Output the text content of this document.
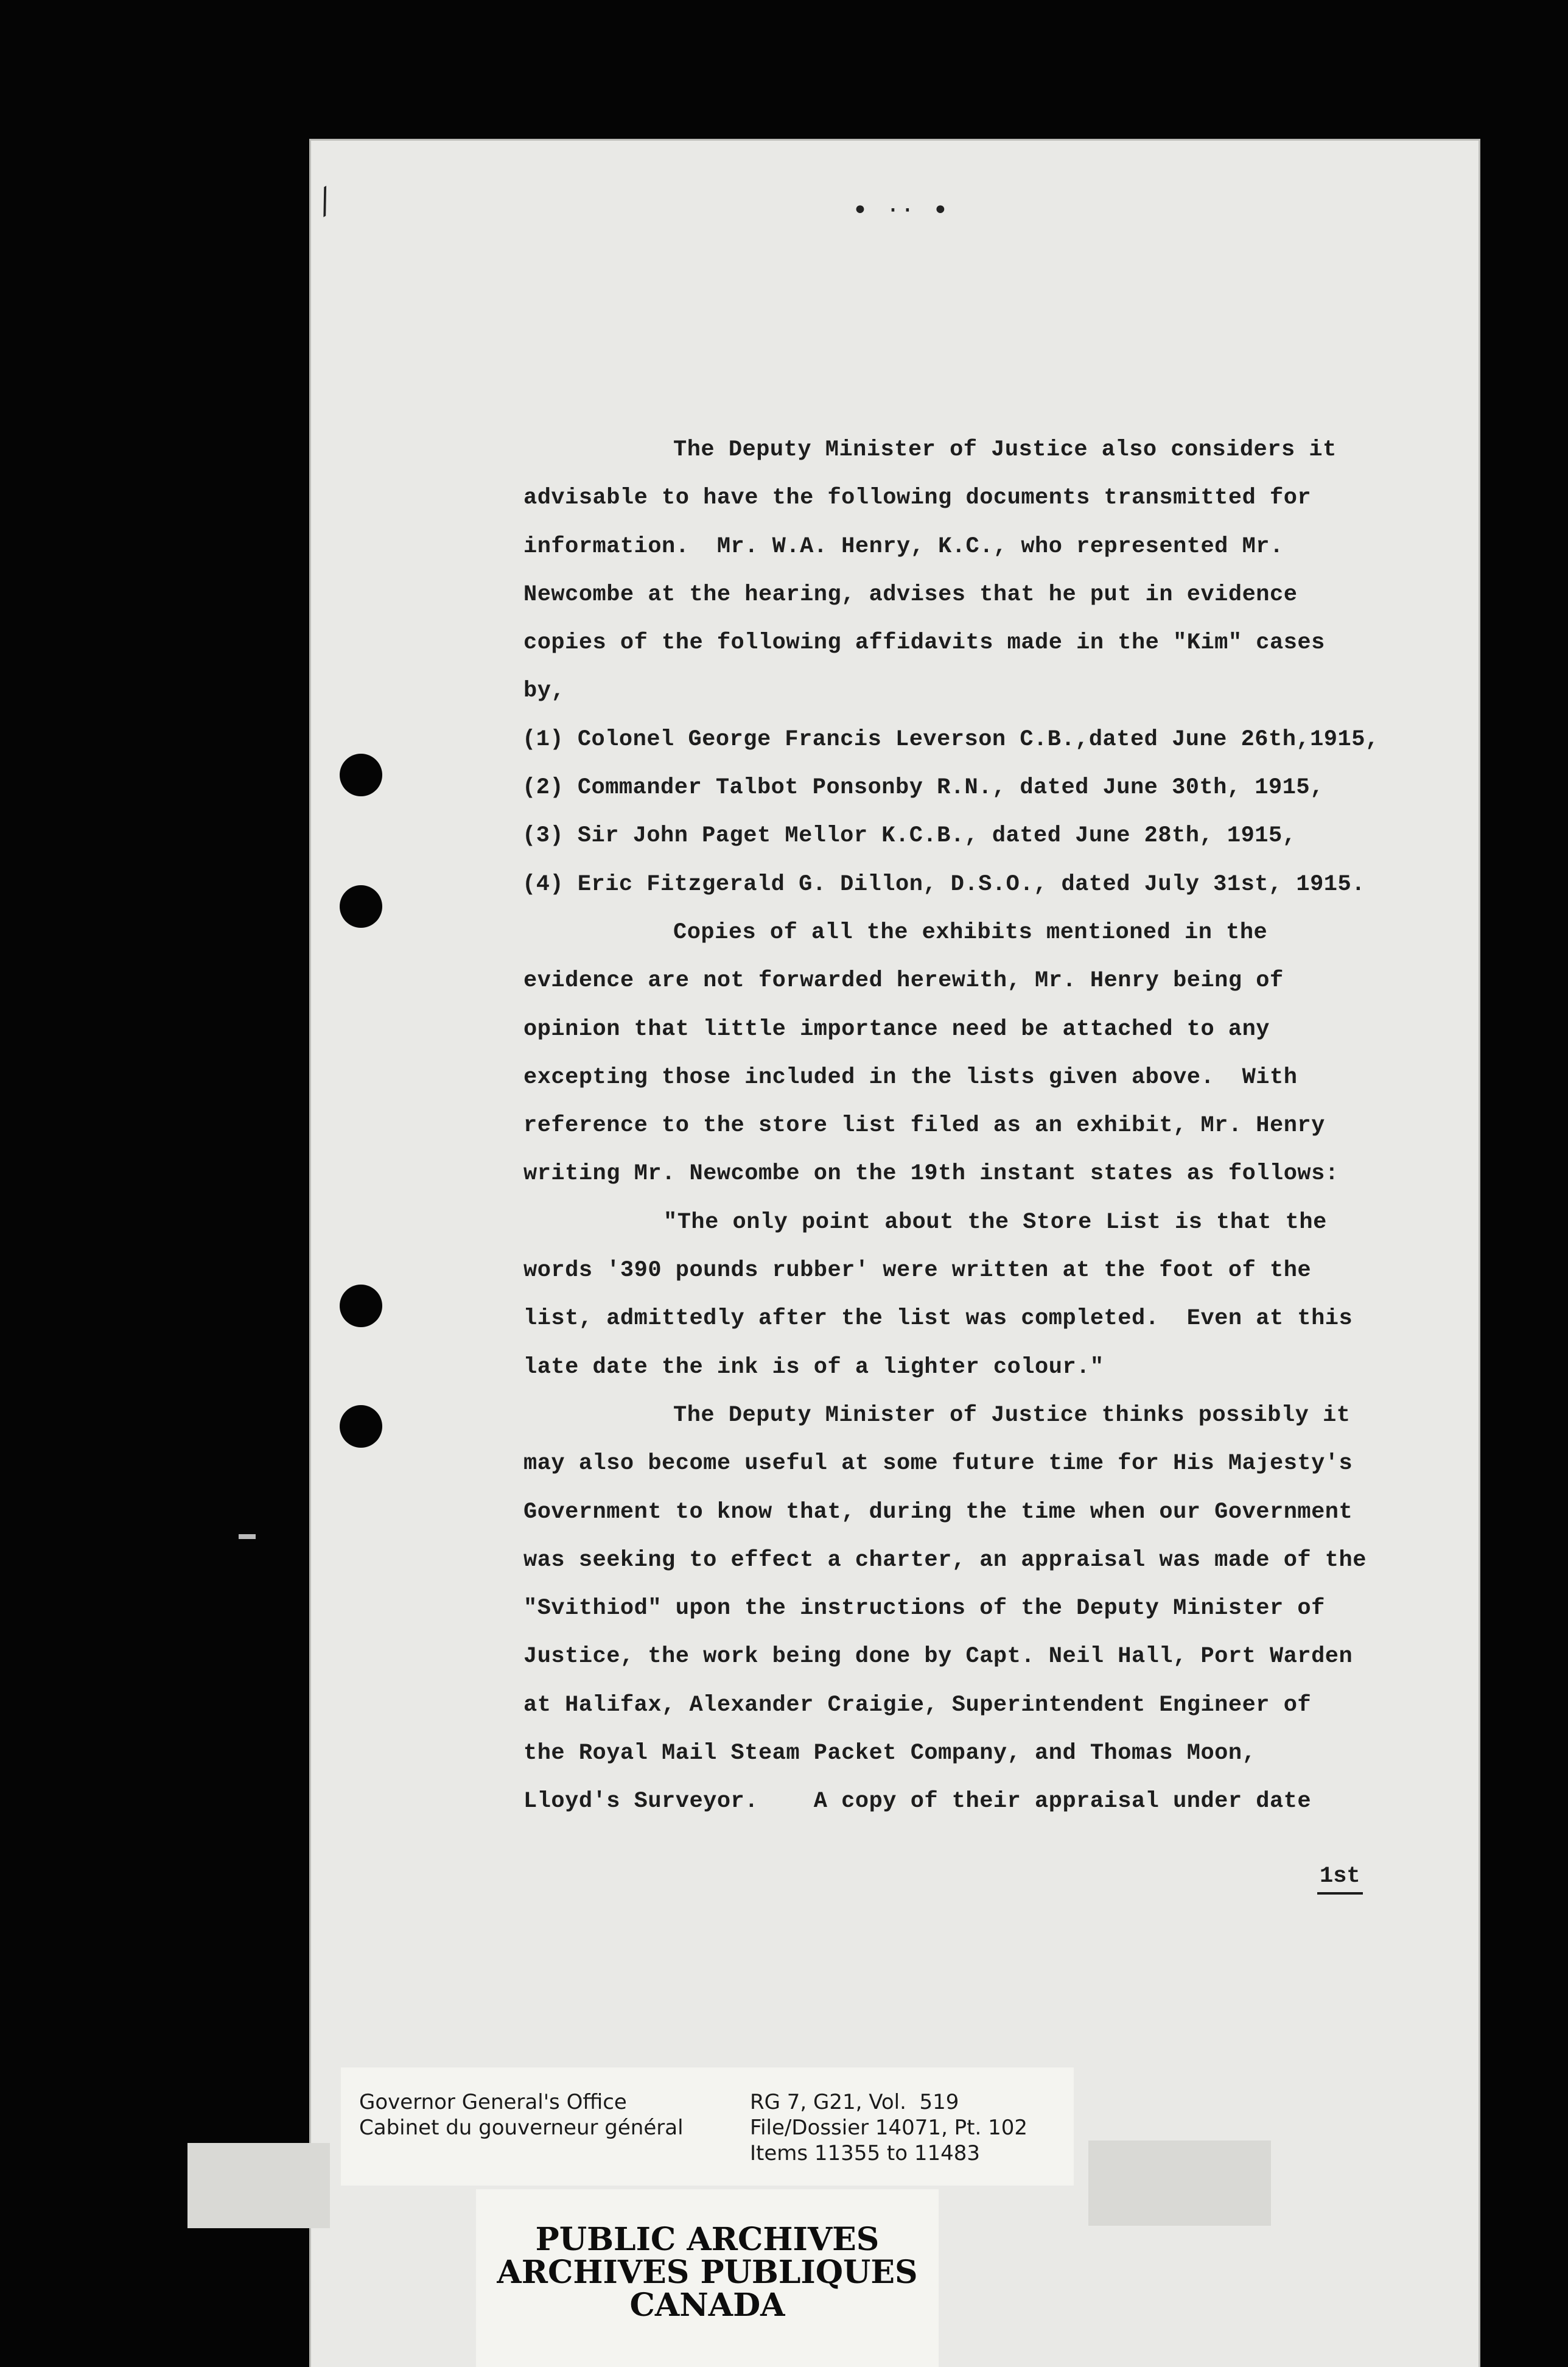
⁄	• ·· •
The Deputy Minister of Justice also considers it
advisable to have the following documents transmitted for
information.  Mr. W.A. Henry, K.C., who represented Mr.
Newcombe at the hearing, advises that he put in evidence
copies of the following affidavits made in the "Kim" cases
by,
(1) Colonel George Francis Leverson C.B.,dated June 26th,1915,
(2) Commander Talbot Ponsonby R.N., dated June 30th, 1915,
(3) Sir John Paget Mellor K.C.B., dated June 28th, 1915,
(4) Eric Fitzgerald G. Dillon, D.S.O., dated July 31st, 1915.
Copies of all the exhibits mentioned in the
evidence are not forwarded herewith, Mr. Henry being of
opinion that little importance need be attached to any
excepting those included in the lists given above.  With
reference to the store list filed as an exhibit, Mr. Henry
writing Mr. Newcombe on the 19th instant states as follows:
"The only point about the Store List is that the
words '390 pounds rubber' were written at the foot of the
list, admittedly after the list was completed.  Even at this
late date the ink is of a lighter colour."
The Deputy Minister of Justice thinks possibly it
may also become useful at some future time for His Majesty's
Government to know that, during the time when our Government
was seeking to effect a charter, an appraisal was made of the
"Svithiod" upon the instructions of the Deputy Minister of
Justice, the work being done by Capt. Neil Hall, Port Warden
at Halifax, Alexander Craigie, Superintendent Engineer of
the Royal Mail Steam Packet Company, and Thomas Moon,
Lloyd's Surveyor.    A copy of their appraisal under date
1st
Governor General's Office
Cabinet du gouverneur général
RG 7, G21, Vol.  519
File/Dossier 14071, Pt. 102
Items 11355 to 11483
PUBLIC ARCHIVES
ARCHIVES PUBLIQUES
CANADA
